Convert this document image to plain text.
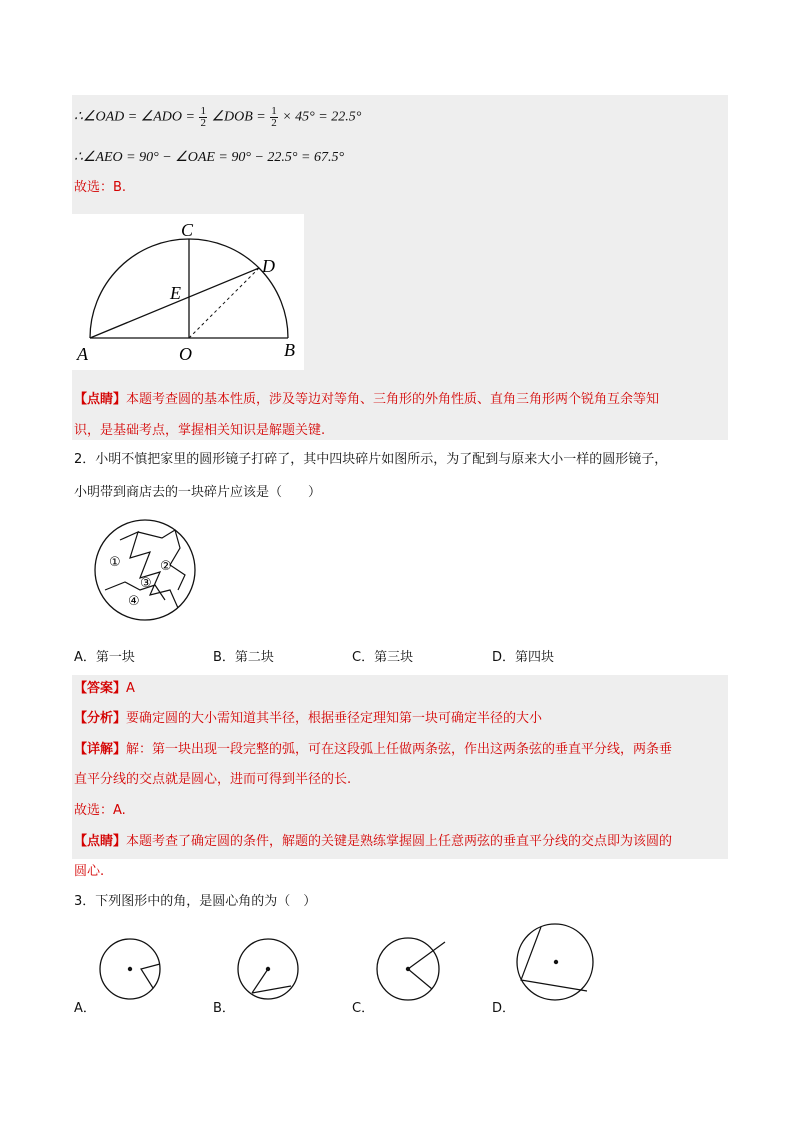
∴∠OAD = ∠ADO = $\frac{1}{2}$ ∠DOB = $\frac{1}{2} \times 45^\circ = 22.5^\circ$
∴∠AEO = 90° − ∠OAE = 90° − 22.5° = 67.5°
故选：B.
C
D
E
A	O	B
【点睛】本题考查圆的基本性质，涉及等边对等角、三角形的外角性质、直角三角形两个锐角互余等知
识，是基础考点，掌握相关知识是解题关键.
2．小明不慎把家里的圆形镜子打碎了，其中四块碎片如图所示，为了配到与原来大小一样的圆形镜子，
小明带到商店去的一块碎片应该是（　　）
①	②
③
④
A．第一块	B．第二块	C．第三块	D．第四块
【答案】A
【分析】要确定圆的大小需知道其半径，根据垂径定理知第一块可确定半径的大小
【详解】解：第一块出现一段完整的弧，可在这段弧上任做两条弦，作出这两条弦的垂直平分线，两条垂
直平分线的交点就是圆心，进而可得到半径的长.
故选：A.
【点睛】本题考查了确定圆的条件，解题的关键是熟练掌握圆上任意两弦的垂直平分线的交点即为该圆的
圆心.
3．下列图形中的角，是圆心角的为（　）
A．	B．	C．	D．
